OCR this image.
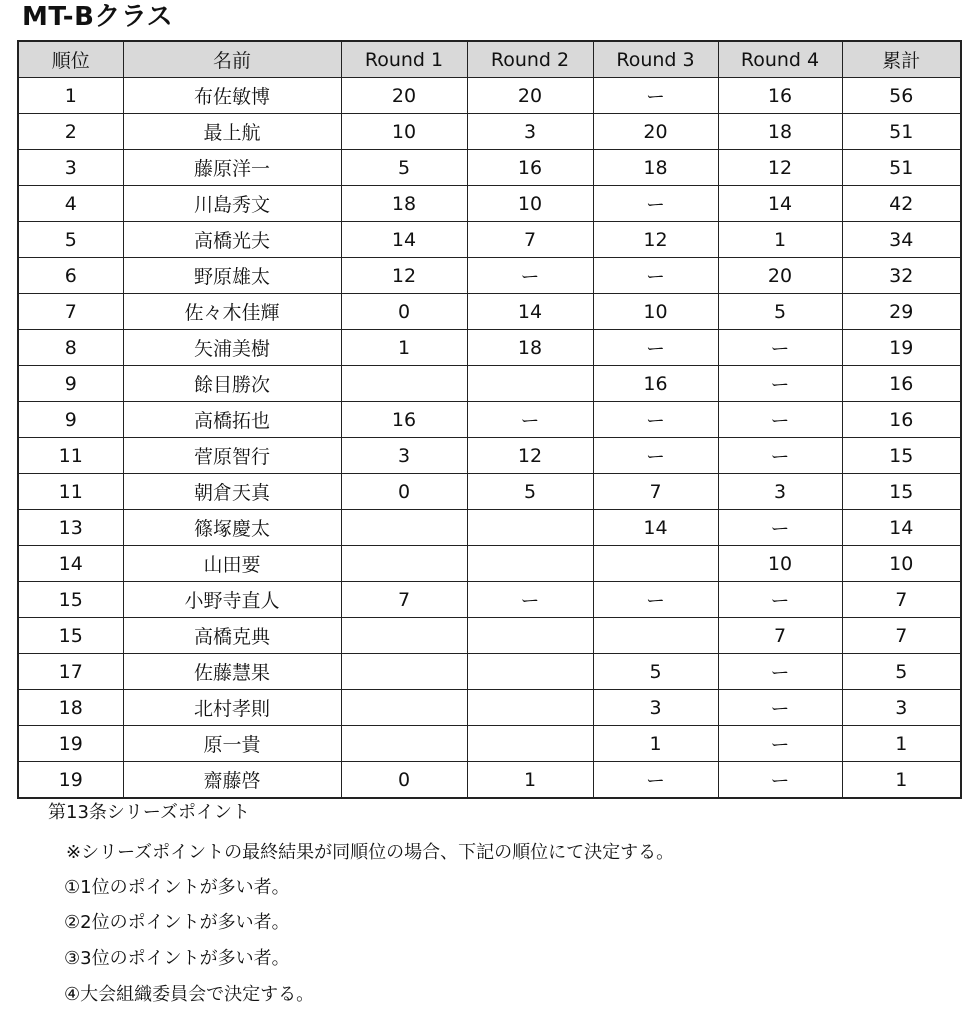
MT-Bクラス
順位	名前	Round 1	Round 2	Round 3	Round 4	累計
1	布佐敏博	20	20	ー	16	56
2	最上航	10	3	20	18	51
3	藤原洋一	5	16	18	12	51
4	川島秀文	18	10	ー	14	42
5	高橋光夫	14	7	12	1	34
6	野原雄太	12	ー	ー	20	32
7	佐々木佳輝	0	14	10	5	29
8	矢浦美樹	1	18	ー	ー	19
9	餘目勝次			16	ー	16
9	高橋拓也	16	ー	ー	ー	16
11	菅原智行	3	12	ー	ー	15
11	朝倉天真	0	5	7	3	15
13	篠塚慶太			14	ー	14
14	山田要				10	10
15	小野寺直人	7	ー	ー	ー	7
15	高橋克典				7	7
17	佐藤慧果			5	ー	5
18	北村孝則			3	ー	3
19	原一貴			1	ー	1
19	齋藤啓	0	1	ー	ー	1
第13条シリーズポイント
※シリーズポイントの最終結果が同順位の場合、下記の順位にて決定する。
①1位のポイントが多い者。
②2位のポイントが多い者。
③3位のポイントが多い者。
④大会組織委員会で決定する。
